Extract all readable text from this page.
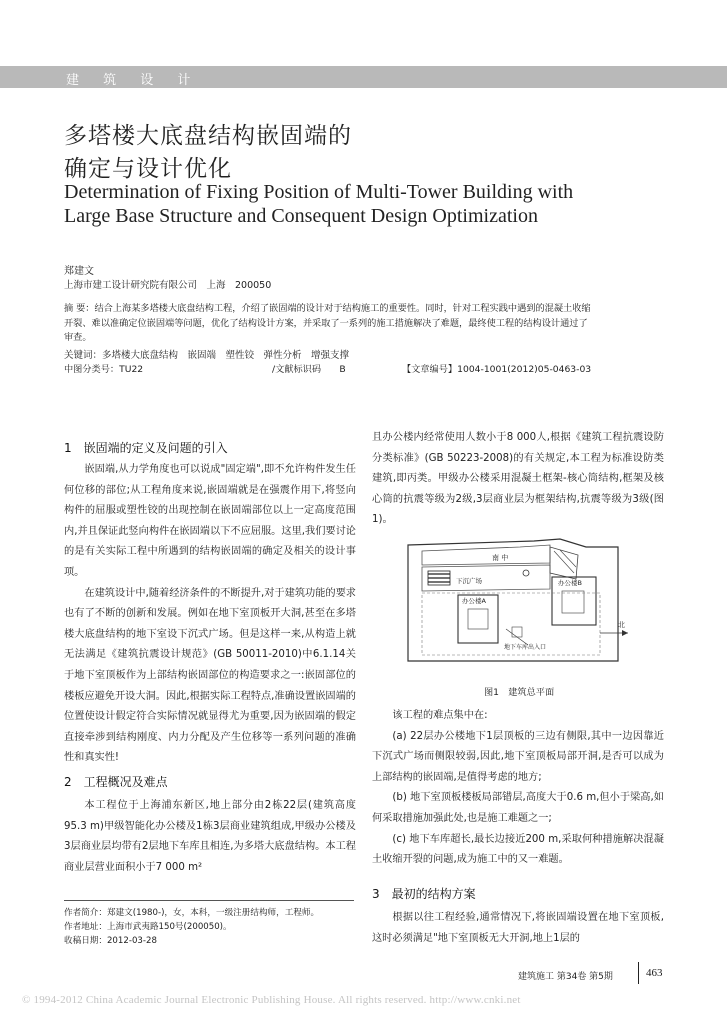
建 筑 设 计
多塔楼大底盘结构嵌固端的
确定与设计优化
Determination of Fixing Position of Multi-Tower Building with
Large Base Structure and Consequent Design Optimization
郑建文
上海市建工设计研究院有限公司　上海　200050
摘 要：结合上海某多塔楼大底盘结构工程，介绍了嵌固端的设计对于结构施工的重要性。同时，针对工程实践中遇到的混凝土收缩开裂、难以准确定位嵌固端等问题，优化了结构设计方案，并采取了一系列的施工措施解决了难题，最终使工程的结构设计通过了审查。
关键词：多塔楼大底盘结构　嵌固端　塑性铰　弹性分析　增强支撑
中图分类号：TU22	/文献标识码　　B	【文章编号】1004-1001(2012)05-0463-03
1　嵌固端的定义及问题的引入

嵌固端,从力学角度也可以说成"固定端",即不允许构件发生任何位移的部位;从工程角度来说,嵌固端就是在强震作用下,将竖向构件的屈服或塑性铰的出现控制在嵌固端部位以上一定高度范围内,并且保证此竖向构件在嵌固端以下不应屈服。这里,我们要讨论的是有关实际工程中所遇到的结构嵌固端的确定及相关的设计事项。

在建筑设计中,随着经济条件的不断提升,对于建筑功能的要求也有了不断的创新和发展。例如在地下室顶板开大洞,甚至在多塔楼大底盘结构的地下室设下沉式广场。但是这样一来,从构造上就无法满足《建筑抗震设计规范》(GB 50011-2010)中6.1.14关于地下室顶板作为上部结构嵌固部位的构造要求之一:嵌固部位的楼板应避免开设大洞。因此,根据实际工程特点,准确设置嵌固端的位置使设计假定符合实际情况就显得尤为重要,因为嵌固端的假定直接牵涉到结构刚度、内力分配及产生位移等一系列问题的准确性和真实性!

2　工程概况及难点

本工程位于上海浦东新区,地上部分由2栋22层(建筑高度95.3 m)甲级智能化办公楼及1栋3层商业建筑组成,甲级办公楼及3层商业层均带有2层地下车库且相连,为多塔大底盘结构。本工程商业层营业面积小于7 000 m²

作者简介：郑建文(1980-)，女，本科，一级注册结构师，工程师。
作者地址：上海市武夷路150号(200050)。
收稿日期：2012-03-28

且办公楼内经常使用人数小于8 000人,根据《建筑工程抗震设防分类标准》(GB 50223-2008)的有关规定,本工程为标准设防类建筑,即丙类。甲级办公楼采用混凝土框架-核心筒结构,框架及核心筒的抗震等级为2级,3层商业层为框架结构,抗震等级为3级(图1)。

南 中
下沉广场
办公楼A
办公楼B
地下车库出入口
北
图1　建筑总平面

该工程的难点集中在:

(a) 22层办公楼地下1层顶板的三边有侧限,其中一边因靠近下沉式广场而侧限较弱,因此,地下室顶板局部开洞,是否可以成为上部结构的嵌固端,是值得考虑的地方;

(b) 地下室顶板楼板局部错层,高度大于0.6 m,但小于梁高,如何采取措施加强此处,也是施工难题之一;

(c) 地下车库超长,最长边接近200 m,采取何种措施解决混凝土收缩开裂的问题,成为施工中的又一难题。

3　最初的结构方案

根据以往工程经验,通常情况下,将嵌固端设置在地下室顶板,这时必须满足"地下室顶板无大开洞,地上1层的

建筑施工 第34卷 第5期	463
© 1994-2012 China Academic Journal Electronic Publishing House. All rights reserved. http://www.cnki.net
